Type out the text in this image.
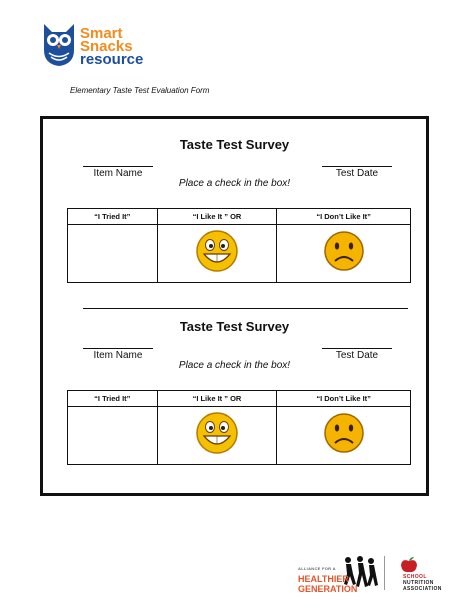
Smart
Snacks
resource
Elementary Taste Test Evaluation Form
Taste Test Survey
Item Name	Test Date
Place a check in the box!
“I Tried It”	“I Like It ” OR	“I Don’t Like It”

Taste Test Survey
Item Name	Test Date
Place a check in the box!
“I Tried It”	“I Like It ” OR	“I Don’t Like It”

ALLIANCE FOR A
HEALTHIER
GENERATION
SCHOOL
NUTRITION
ASSOCIATION
